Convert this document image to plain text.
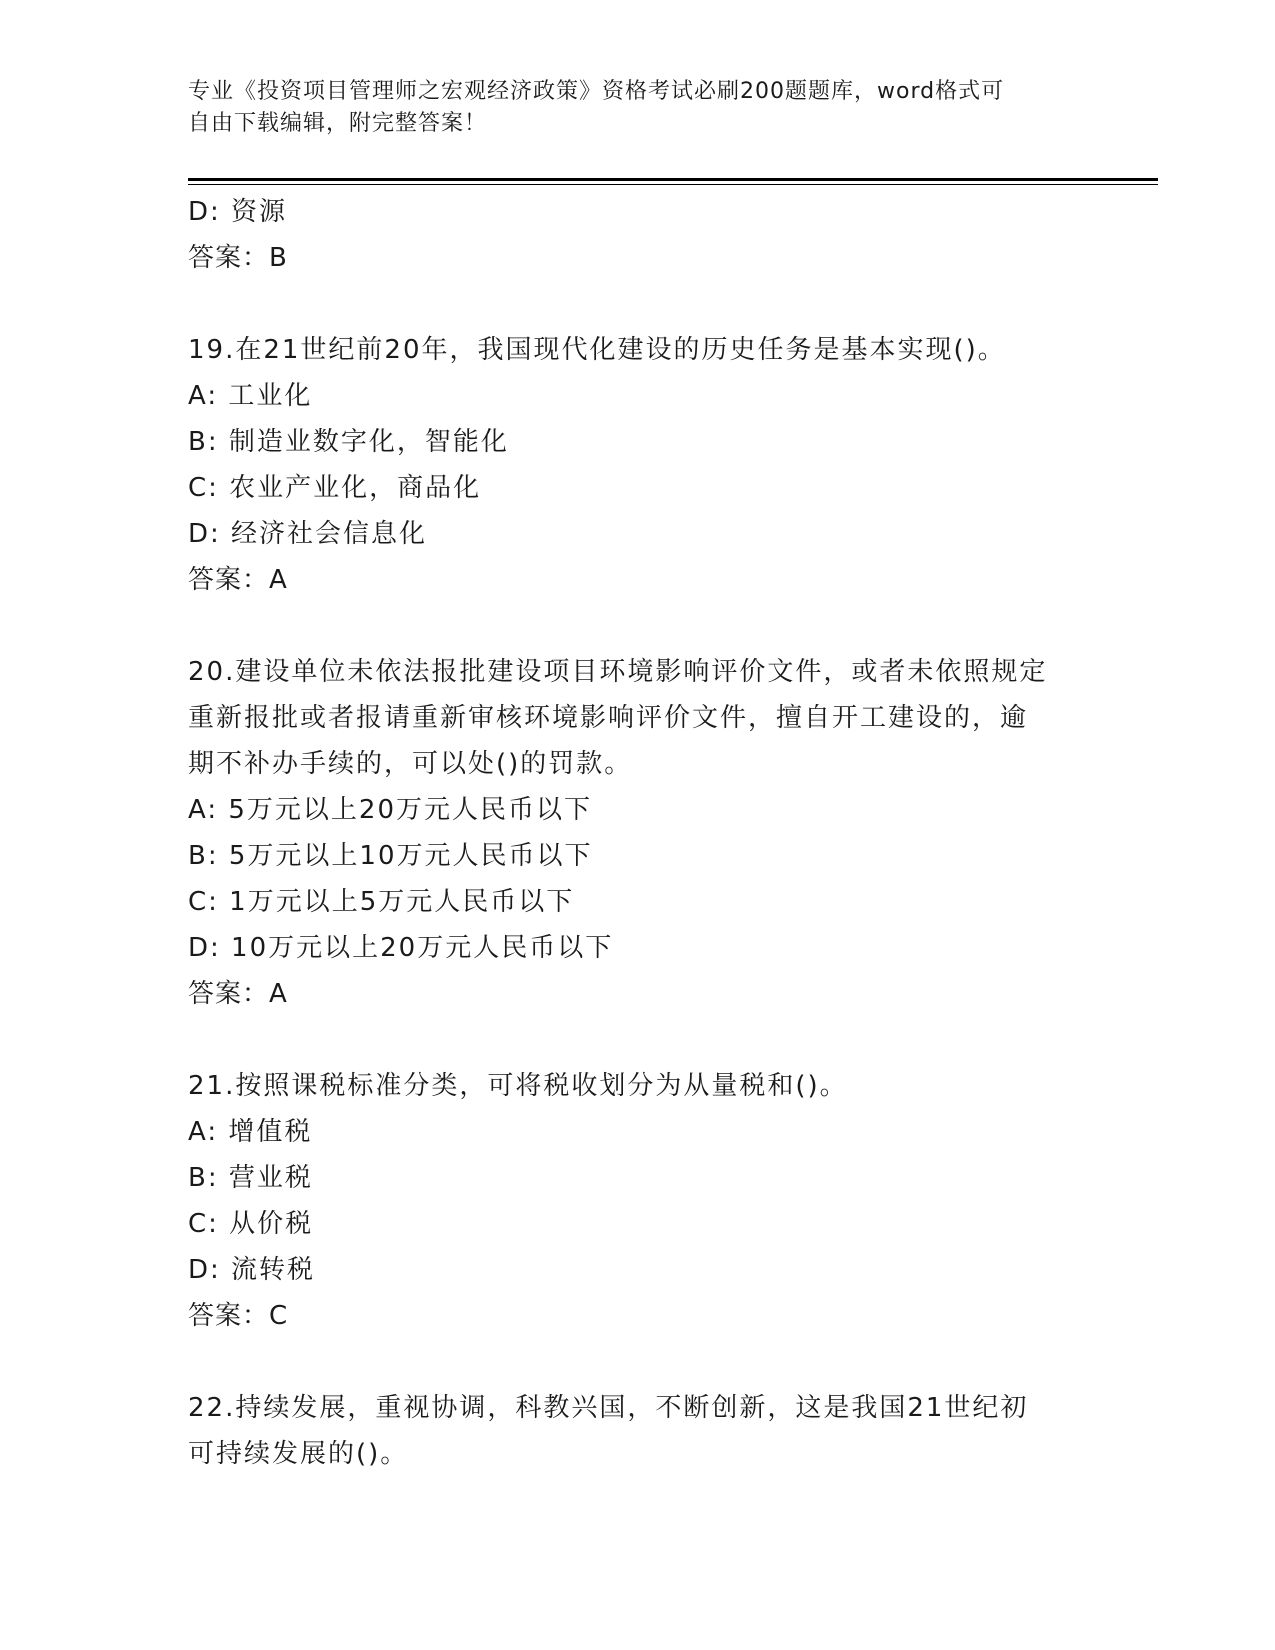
专业《投资项目管理师之宏观经济政策》资格考试必刷200题题库，word格式可
自由下载编辑，附完整答案！
D: 资源
答案：B
19.在21世纪前20年，我国现代化建设的历史任务是基本实现()。
A: 工业化
B: 制造业数字化，智能化
C: 农业产业化，商品化
D: 经济社会信息化
答案：A
20.建设单位未依法报批建设项目环境影响评价文件，或者未依照规定
重新报批或者报请重新审核环境影响评价文件，擅自开工建设的，逾
期不补办手续的，可以处()的罚款。
A: 5万元以上20万元人民币以下
B: 5万元以上10万元人民币以下
C: 1万元以上5万元人民币以下
D: 10万元以上20万元人民币以下
答案：A
21.按照课税标准分类，可将税收划分为从量税和()。
A: 增值税
B: 营业税
C: 从价税
D: 流转税
答案：C
22.持续发展，重视协调，科教兴国，不断创新，这是我国21世纪初
可持续发展的()。
